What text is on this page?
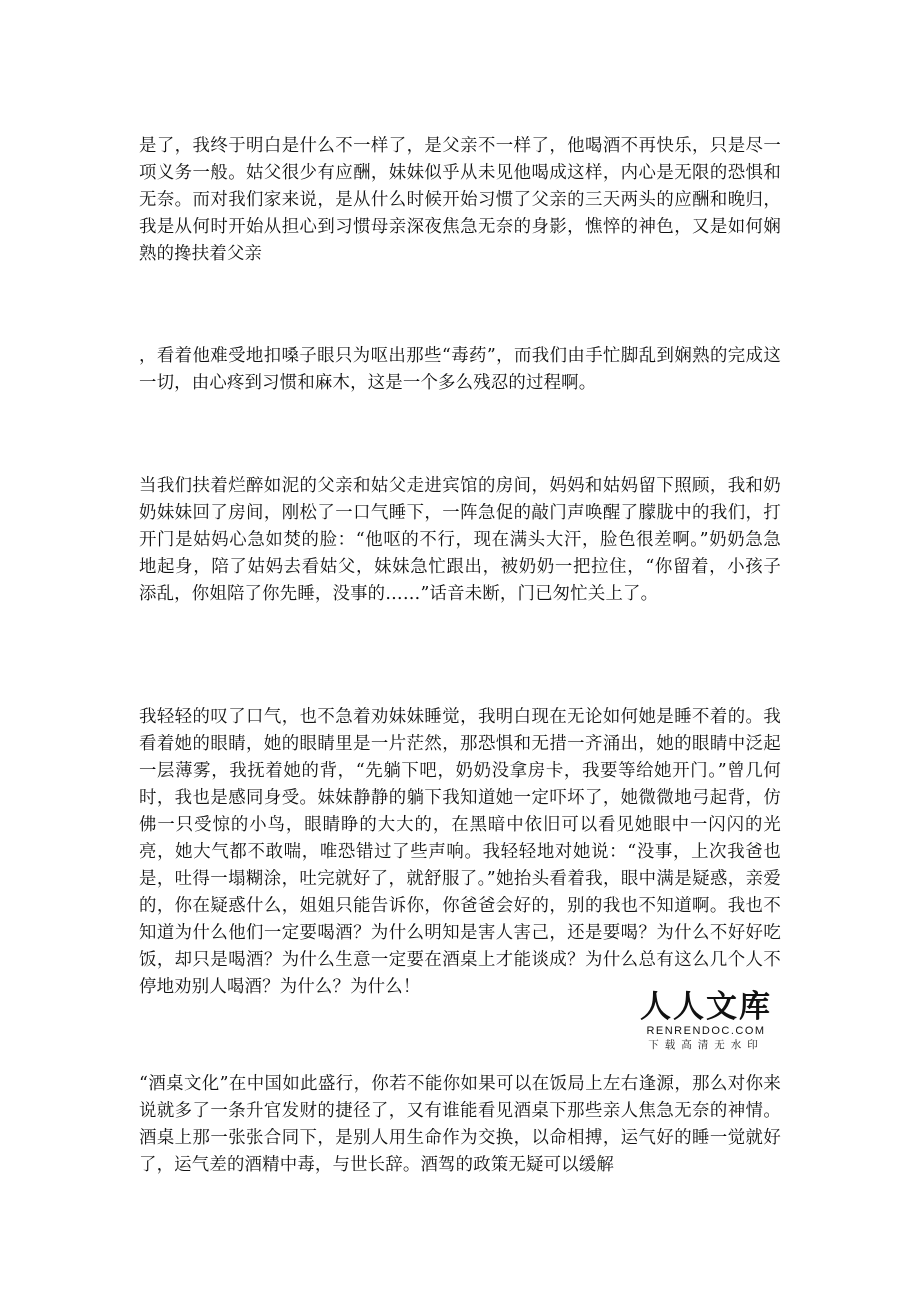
是了，我终于明白是什么不一样了，是父亲不一样了，他喝酒不再快乐，只是尽一项义务一般。姑父很少有应酬，妹妹似乎从未见他喝成这样，内心是无限的恐惧和无奈。而对我们家来说，是从什么时候开始习惯了父亲的三天两头的应酬和晚归，我是从何时开始从担心到习惯母亲深夜焦急无奈的身影，憔悴的神色，又是如何娴熟的搀扶着父亲

，看着他难受地扣嗓子眼只为呕出那些“毒药”，而我们由手忙脚乱到娴熟的完成这一切，由心疼到习惯和麻木，这是一个多么残忍的过程啊。

当我们扶着烂醉如泥的父亲和姑父走进宾馆的房间，妈妈和姑妈留下照顾，我和奶奶妹妹回了房间，刚松了一口气睡下，一阵急促的敲门声唤醒了朦胧中的我们，打开门是姑妈心急如焚的脸：“他呕的不行，现在满头大汗，脸色很差啊。”奶奶急急地起身，陪了姑妈去看姑父，妹妹急忙跟出，被奶奶一把拉住，“你留着，小孩子添乱，你姐陪了你先睡，没事的……”话音未断，门已匆忙关上了。

我轻轻的叹了口气，也不急着劝妹妹睡觉，我明白现在无论如何她是睡不着的。我看着她的眼睛，她的眼睛里是一片茫然，那恐惧和无措一齐涌出，她的眼睛中泛起一层薄雾，我抚着她的背，“先躺下吧，奶奶没拿房卡，我要等给她开门。”曾几何时，我也是感同身受。妹妹静静的躺下我知道她一定吓坏了，她微微地弓起背，仿佛一只受惊的小鸟，眼睛睁的大大的，在黑暗中依旧可以看见她眼中一闪闪的光亮，她大气都不敢喘，唯恐错过了些声响。我轻轻地对她说：“没事，上次我爸也是，吐得一塌糊涂，吐完就好了，就舒服了。”她抬头看着我，眼中满是疑惑，亲爱的，你在疑惑什么，姐姐只能告诉你，你爸爸会好的，别的我也不知道啊。我也不知道为什么他们一定要喝酒？为什么明知是害人害己，还是要喝？为什么不好好吃饭，却只是喝酒？为什么生意一定要在酒桌上才能谈成？为什么总有这么几个人不停地劝别人喝酒？为什么？为什么！

人人文库
RENRENDOC.COM
下载高清无水印

“酒桌文化”在中国如此盛行，你若不能你如果可以在饭局上左右逢源，那么对你来说就多了一条升官发财的捷径了，又有谁能看见酒桌下那些亲人焦急无奈的神情。酒桌上那一张张合同下，是别人用生命作为交换，以命相搏，运气好的睡一觉就好了，运气差的酒精中毒，与世长辞。酒驾的政策无疑可以缓解
